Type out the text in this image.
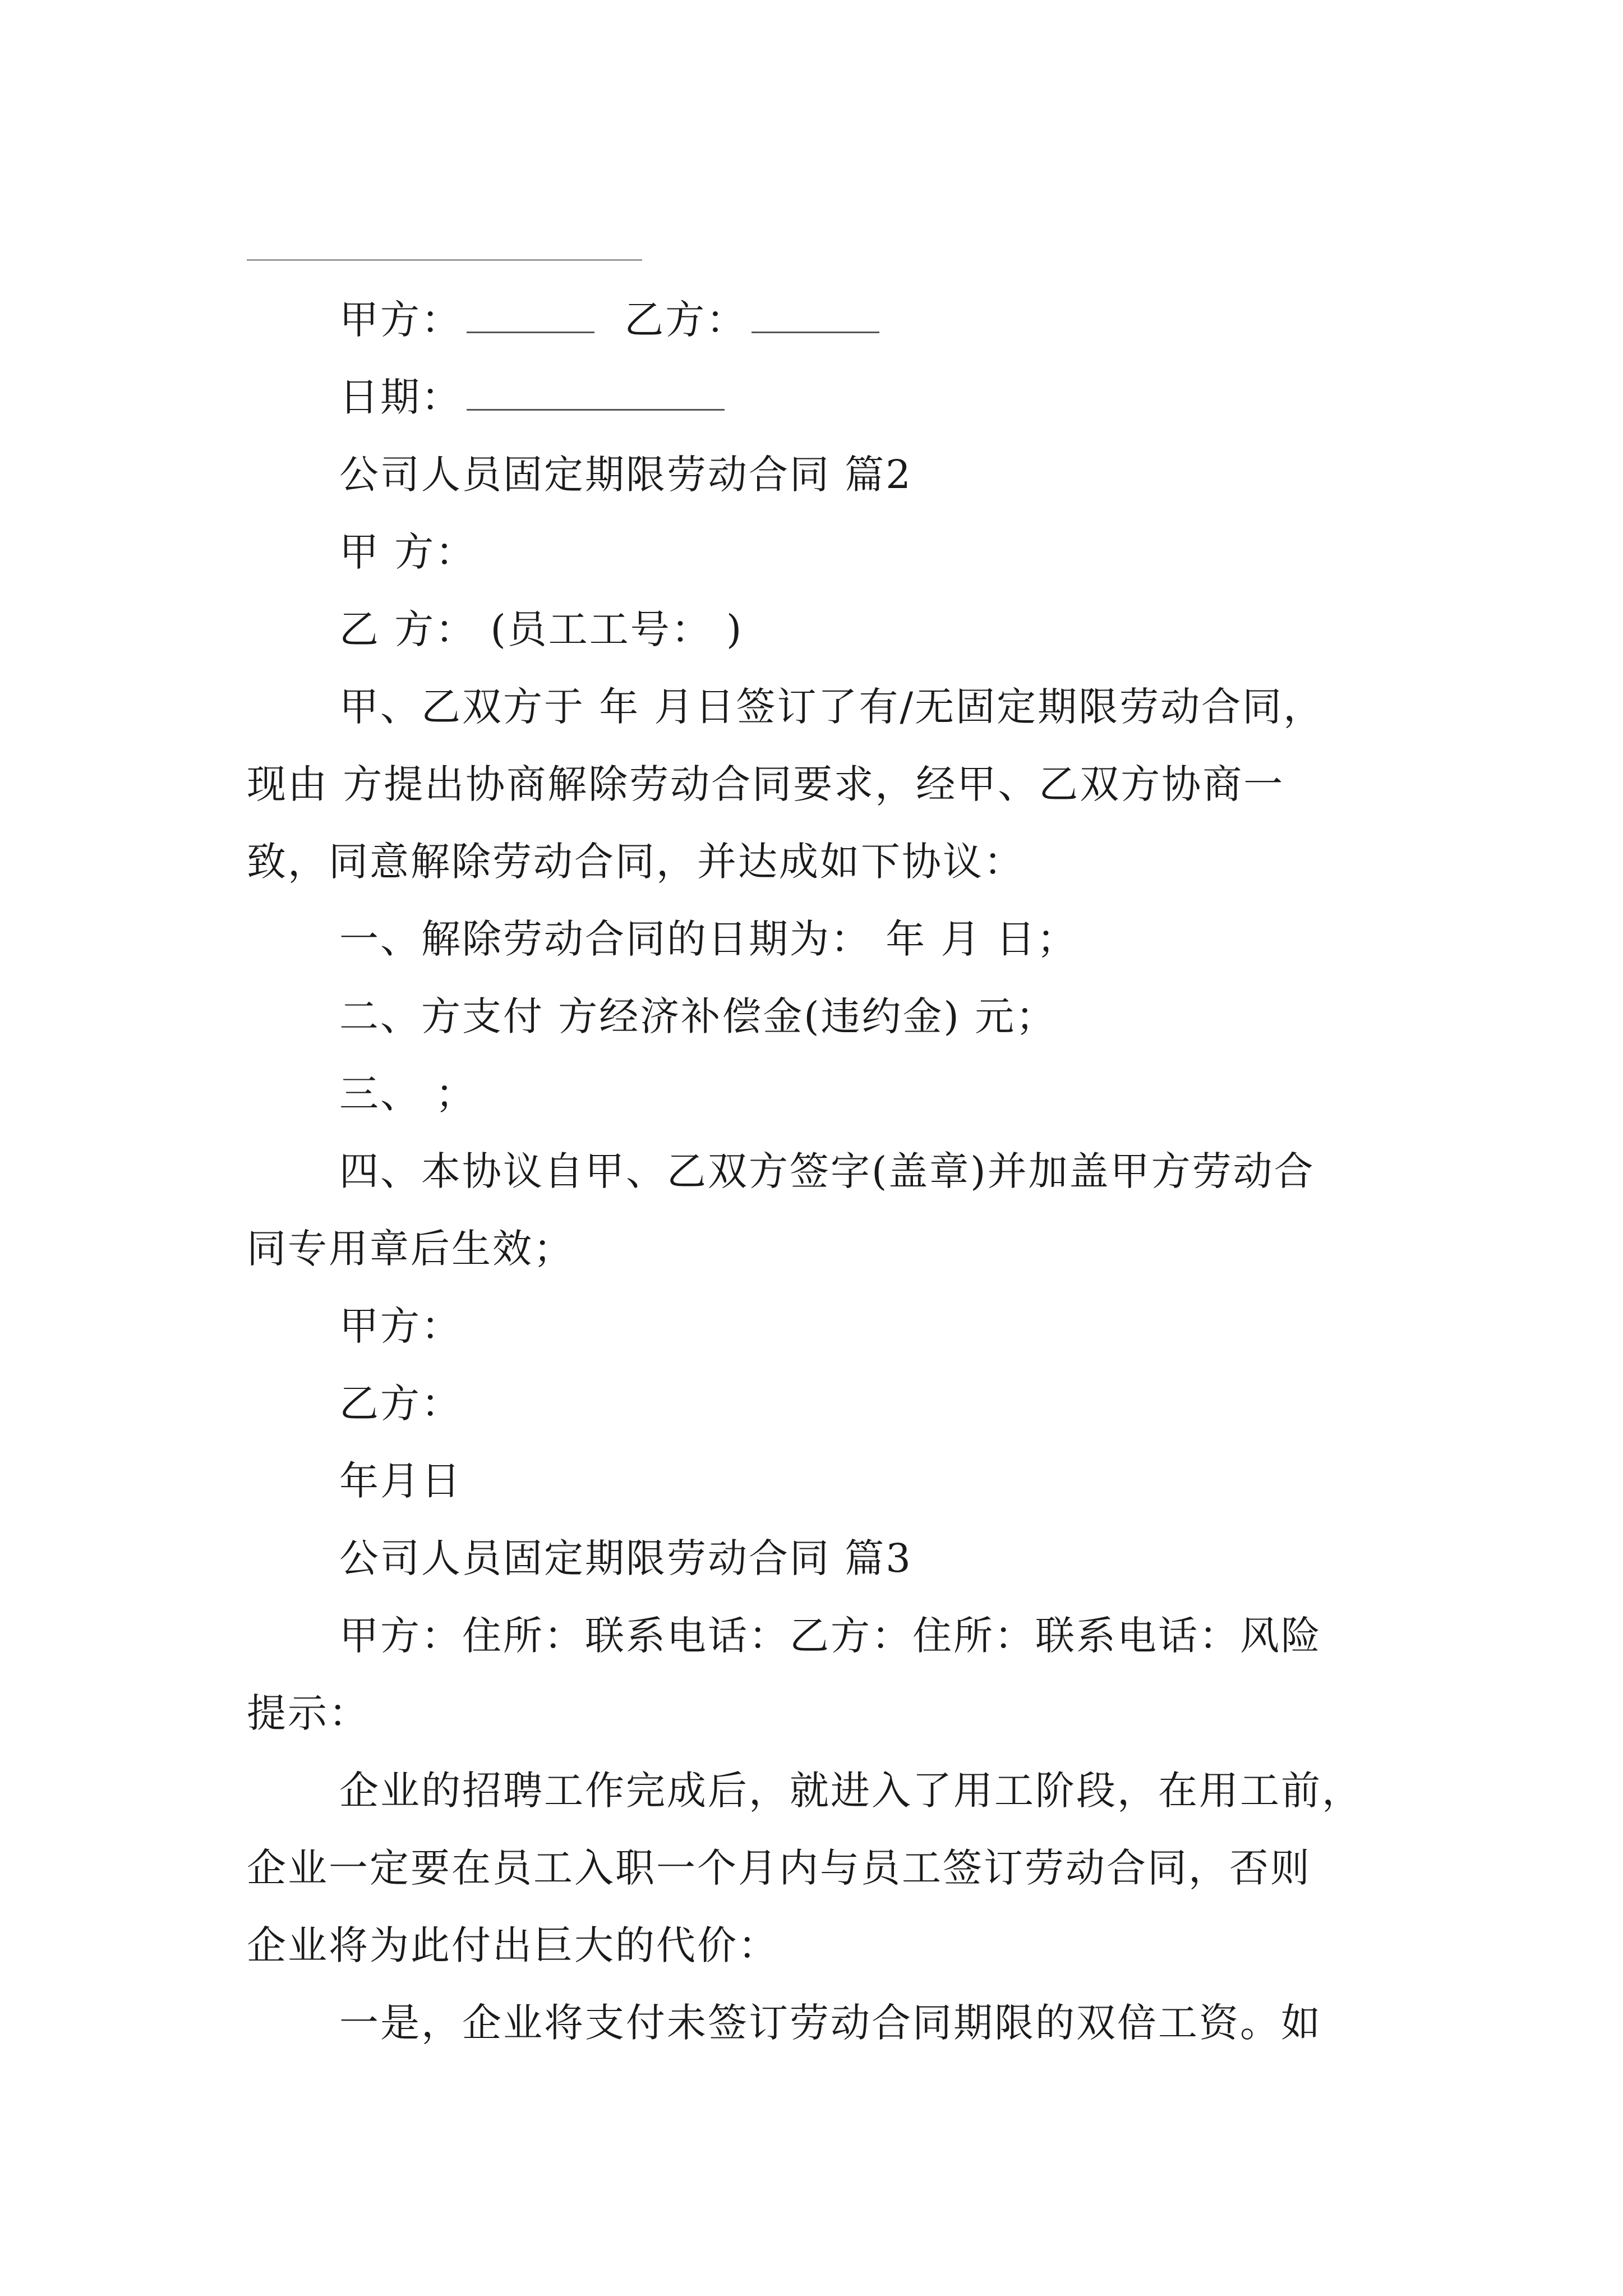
甲方：	乙方：
日期：
公司人员固定期限劳动合同 篇2
甲 方：
乙 方： (员工工号： )
甲、乙双方于 年 月日签订了有/无固定期限劳动合同，
现由 方提出协商解除劳动合同要求，经甲、乙双方协商一
致，同意解除劳动合同，并达成如下协议：
一、解除劳动合同的日期为： 年 月 日；
二、方支付 方经济补偿金(违约金) 元；
三、 ；
四、本协议自甲、乙双方签字(盖章)并加盖甲方劳动合
同专用章后生效；
甲方：
乙方：
年月日
公司人员固定期限劳动合同 篇3
甲方：住所：联系电话：乙方：住所：联系电话：风险
提示：
企业的招聘工作完成后，就进入了用工阶段，在用工前，
企业一定要在员工入职一个月内与员工签订劳动合同，否则
企业将为此付出巨大的代价：
一是，企业将支付未签订劳动合同期限的双倍工资。如
